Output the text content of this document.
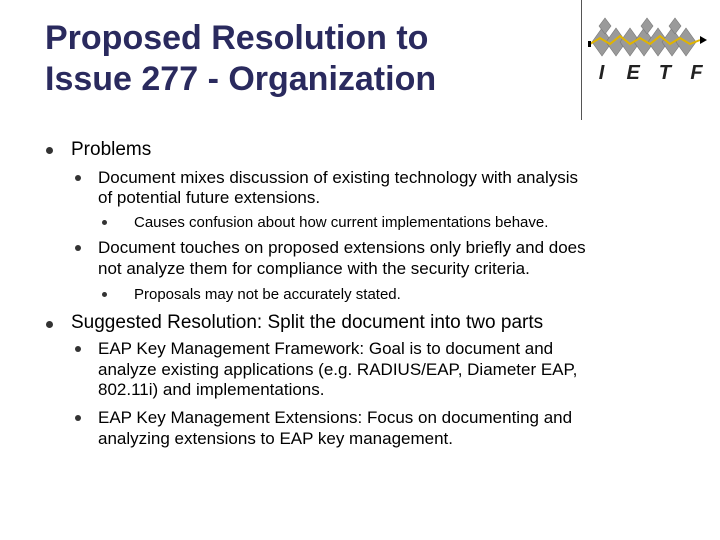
Proposed Resolution to
Issue 277 - Organization	I	E T F
Problems
Document mixes discussion of existing technology with analysis
of potential future extensions.
Causes confusion about how current implementations behave.
Document touches on proposed extensions only briefly and does
not analyze them for compliance with the security criteria.
Proposals may not be accurately stated.
Suggested Resolution: Split the document into two parts
EAP Key Management Framework: Goal is to document and
analyze existing applications (e.g. RADIUS/EAP, Diameter EAP,
802.11i) and implementations.
EAP Key Management Extensions: Focus on documenting and
analyzing extensions to EAP key management.
